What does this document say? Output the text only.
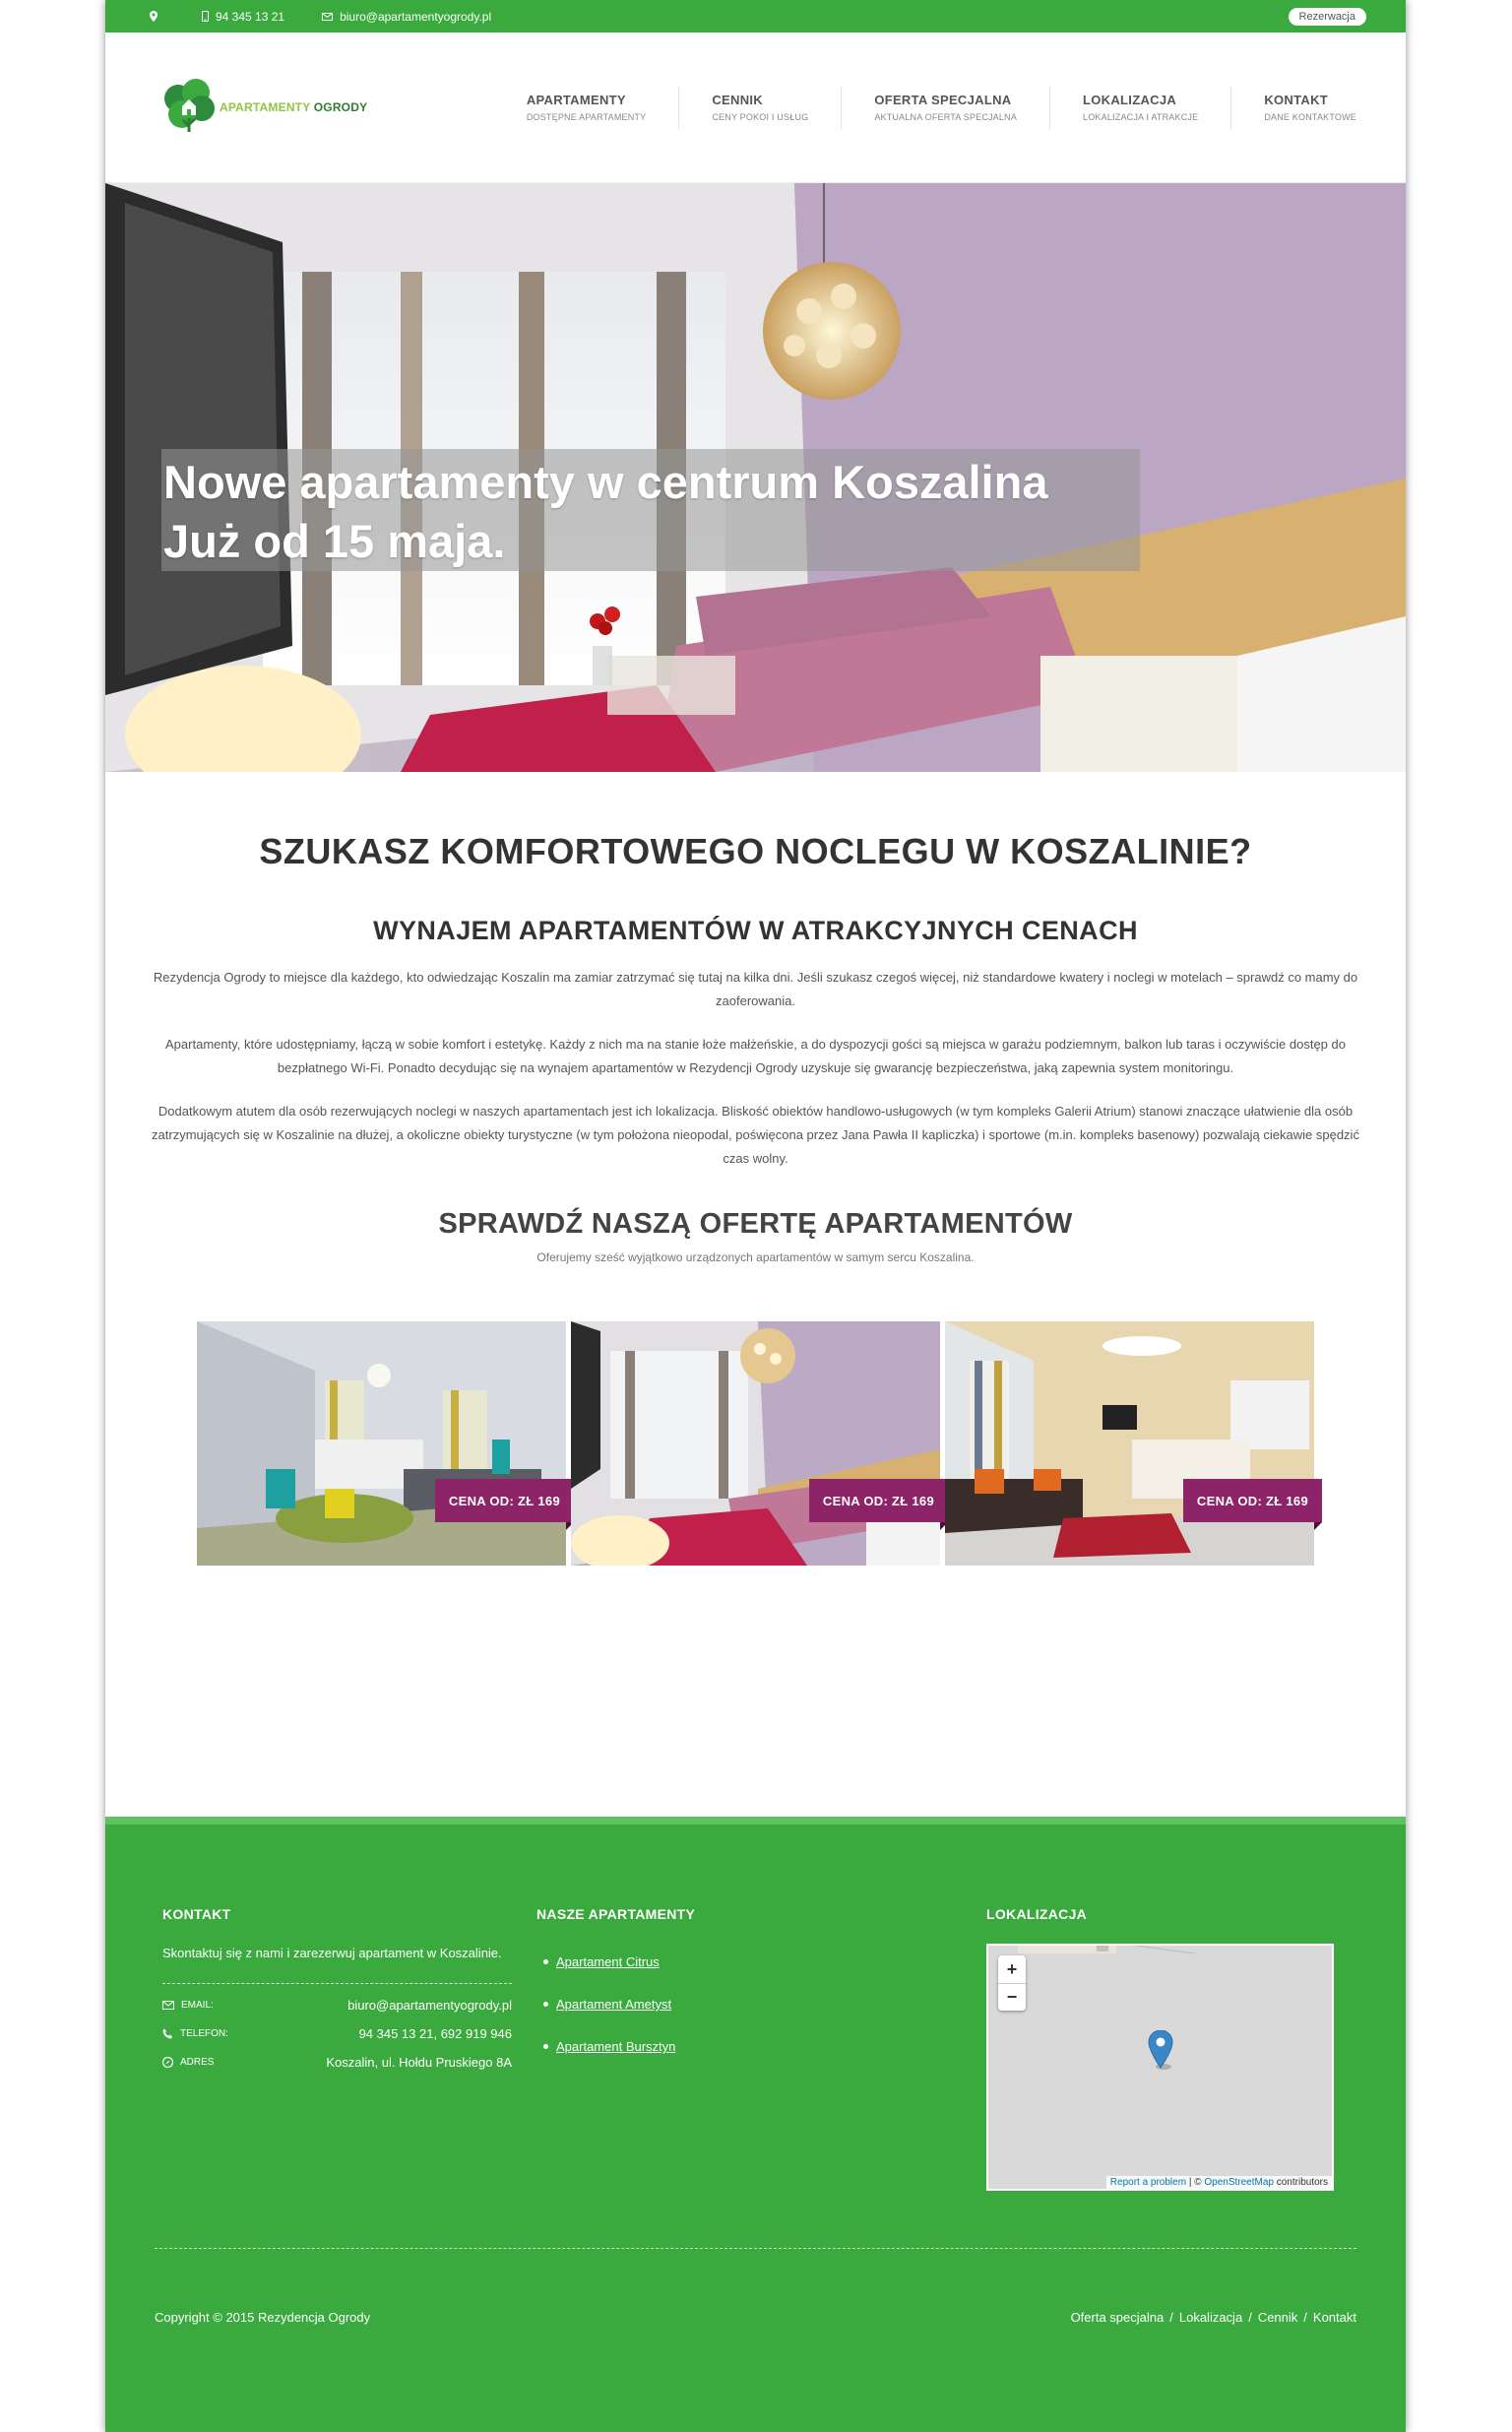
94 345 13 21	biuro@apartamentyogrody.pl	Rezerwacja
APARTAMENTY OGRODY	APARTAMENTY
DOSTĘPNE APARTAMENTY
CENNIK
CENY POKOI I USŁUG
OFERTA SPECJALNA
AKTUALNA OFERTA SPECJALNA
LOKALIZACJA
LOKALIZACJA I ATRAKCJE
KONTAKT
DANE KONTAKTOWE
Nowe apartamenty w centrum Koszalina
Już od 15 maja.
SZUKASZ KOMFORTOWEGO NOCLEGU W KOSZALINIE?
WYNAJEM APARTAMENTÓW W ATRAKCYJNYCH CENACH

Rezydencja Ogrody to miejsce dla każdego, kto odwiedzając Koszalin ma zamiar zatrzymać się tutaj na kilka dni. Jeśli szukasz czegoś więcej, niż standardowe kwatery i noclegi w motelach – sprawdź co mamy do zaoferowania.

Apartamenty, które udostępniamy, łączą w sobie komfort i estetykę. Każdy z nich ma na stanie łoże małżeńskie, a do dyspozycji gości są miejsca w garażu podziemnym, balkon lub taras i oczywiście dostęp do bezpłatnego Wi-Fi. Ponadto decydując się na wynajem apartamentów w Rezydencji Ogrody uzyskuje się gwarancję bezpieczeństwa, jaką zapewnia system monitoringu.

Dodatkowym atutem dla osób rezerwujących noclegi w naszych apartamentach jest ich lokalizacja. Bliskość obiektów handlowo-usługowych (w tym kompleks Galerii Atrium) stanowi znaczące ułatwienie dla osób zatrzymujących się w Koszalinie na dłużej, a okoliczne obiekty turystyczne (w tym położona nieopodal, poświęcona przez Jana Pawła II kapliczka) i sportowe (m.in. kompleks basenowy) pozwalają ciekawie spędzić czas wolny.

SPRAWDŹ NASZĄ OFERTĘ APARTAMENTÓW
Oferujemy sześć wyjątkowo urządzonych apartamentów w samym sercu Koszalina.
CENA OD: ZŁ 169	CENA OD: ZŁ 169	CENA OD: ZŁ 169
KONTAKT

Skontaktuj się z nami i zarezerwuj apartament w Koszalinie.

EMAIL:	biuro@apartamentyogrody.pl
TELEFON:	94 345 13 21, 692 919 946
ADRES	Koszalin, ul. Hołdu Pruskiego 8A
NASZE APARTAMENTY
Apartament Citrus
Apartament Ametyst
Apartament Bursztyn
LOKALIZACJA
+
−
Report a problem | © OpenStreetMap contributors
Copyright © 2015 Rezydencja Ogrody	Oferta specjalna / Lokalizacja / Cennik / Kontakt
